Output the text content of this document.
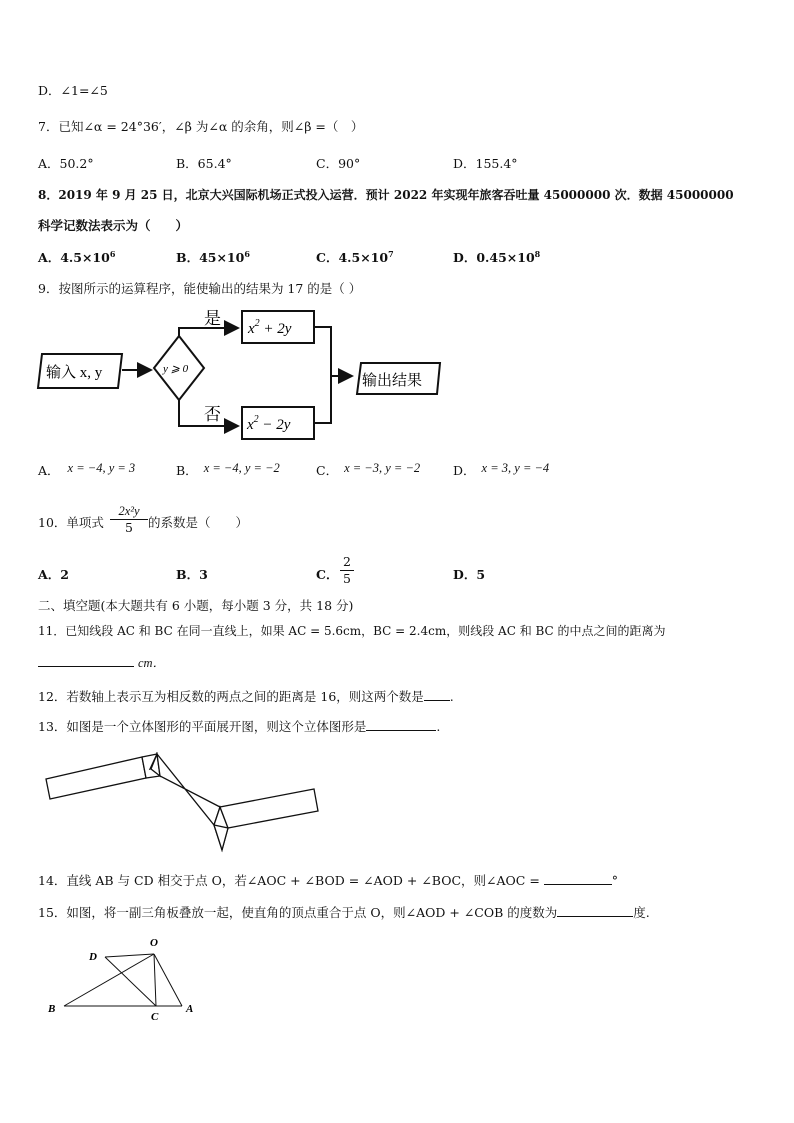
D．∠1=∠5
7．已知∠α = 24°36′，∠β 为∠α 的余角，则∠β =（　）
A．50.2°	B．65.4°	C．90°	D．155.4°
8．2019 年 9 月 25 日，北京大兴国际机场正式投入运营．预计 2022 年实现年旅客吞吐量 45000000 次．数据 45000000
科学记数法表示为（　　）
A．$4.5\times 10^6$	B．$45\times 10^6$	C．$4.5\times 10^7$	D．$0.45\times 10^8$
9．按图所示的运算程序，能使输出的结果为 17 的是（ ）
输入 x, y	y ⩾ 0
是
$x^2 + 2y$
否
$x^2 - 2y$
输出结果
A． x = −4, y = 3	B． x = −4, y = −2	C． x = −3, y = −2	D． x = 3, y = −4
10．单项式 $\frac{\text{2x²y}}{5}$ 的系数是（　　）
A．2	B．3	C． $\frac{2}{5}$	D．5
二、填空题(本大题共有 6 小题，每小题 3 分，共 18 分)
11．已知线段 AC 和 BC 在同一直线上，如果 AC = 5.6cm，BC = 2.4cm，则线段 AC 和 BC 的中点之间的距离为
cm．
12．若数轴上表示互为相反数的两点之间的距离是 16，则这两个数是 .
13．如图是一个立体图形的平面展开图，则这个立体图形是	.
14．直线 AB 与 CD 相交于点 O，若∠AOC + ∠BOD = ∠AOD + ∠BOC，则∠AOC =	°
15．如图，将一副三角板叠放一起，使直角的顶点重合于点 O，则∠AOD + ∠COB 的度数为	度.
O
D
B
C
A
